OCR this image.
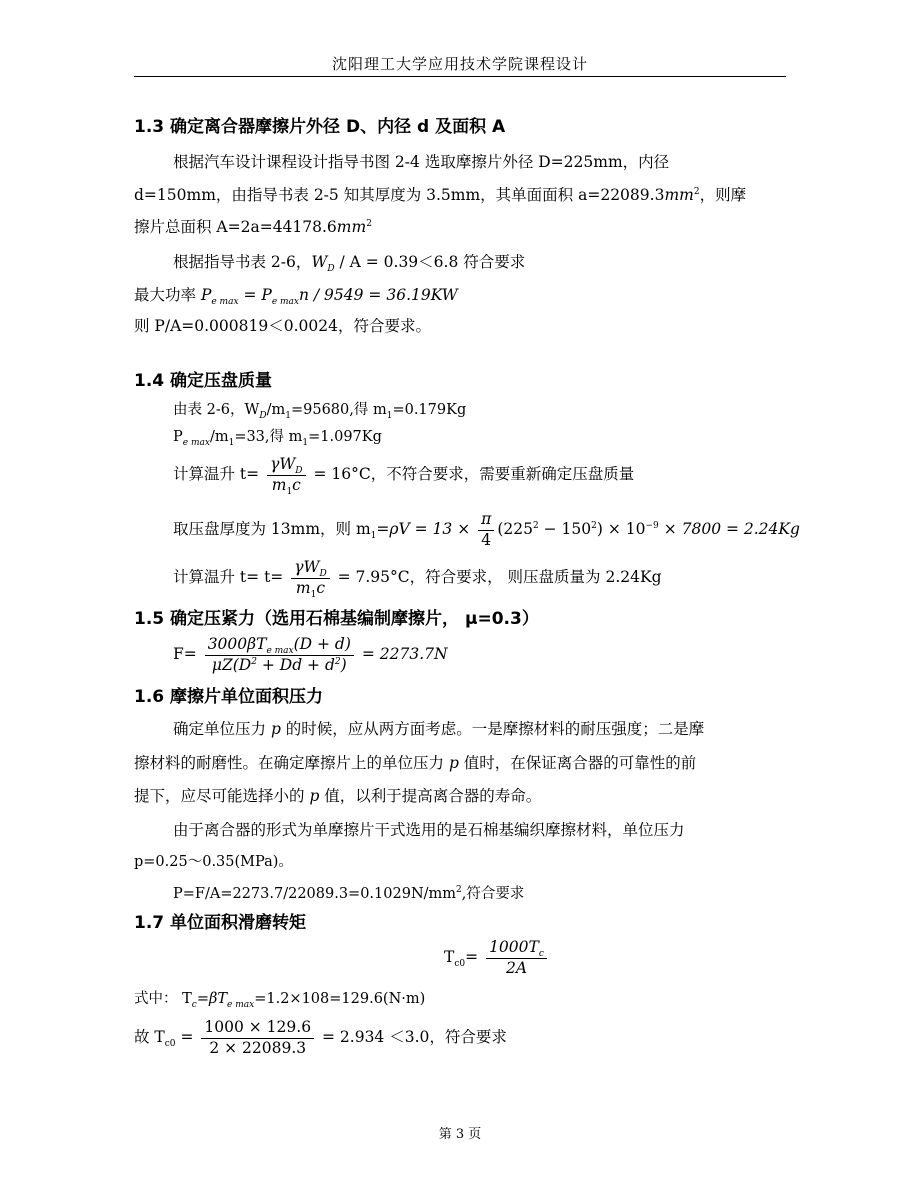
沈阳理工大学应用技术学院课程设计
1.3 确定离合器摩擦片外径 D、内径 d 及面积 A
根据汽车设计课程设计指导书图 2-4 选取摩擦片外径 D=225mm，内径
d=150mm，由指导书表 2-5 知其厚度为 3.5mm，其单面面积 $a=22089.3mm^2$，则摩
擦片总面积 $A=2a=44178.6mm^2$
根据指导书表 2-6，$W_D / A = 0.39<6.8$ 符合要求
最大功率 $P_{e max} = P_{e max}n / 9549 = 36.19KW$
则 P/A=0.000819＜0.0024，符合要求。
1.4 确定压盘质量
由表 2-6，$W_D/m_1=95680$,得 $m_1=0.179Kg$
$P_{e max}/m_1=33$,得 $m_1=1.097Kg$
计算温升 $t= \frac{\gamma W_D}{m_1c} = 16^\circ C$，不符合要求，需要重新确定压盘质量
取压盘厚度为 13mm，则 $m_1=\rho V = 13 \times \frac{\pi}{4} (225^2 - 150^2) \times 10^{-9} \times 7800 = 2.24Kg$
计算温升 $t= t= \frac{\gamma W_D}{m_1c} = 7.95^\circ C$，符合要求， 则压盘质量为 2.24Kg
1.5 确定压紧力（选用石棉基编制摩擦片， μ=0.3）
$F= \frac{3000\beta T_{e max}(D + d)}{\mu Z(D^2 + Dd + d^2)} = 2273.7N$
1.6 摩擦片单位面积压力
确定单位压力 p 的时候，应从两方面考虑。一是摩擦材料的耐压强度；二是摩
擦材料的耐磨性。在确定摩擦片上的单位压力 p 值时，在保证离合器的可靠性的前
提下，应尽可能选择小的 p 值，以利于提高离合器的寿命。
由于离合器的形式为单摩擦片干式选用的是石棉基编织摩擦材料，单位压力
p=0.25～0.35(MPa)。
$P=F/A=2273.7/22089.3=0.1029N/mm^2$,符合要求
1.7 单位面积滑磨转矩
$T_{c0}= \frac{1000T_c}{2A}$
式中： $T_c=\beta T_{e max}=1.2\times 108=129.6(N\cdot m)$
故 $T_{c0} = \frac{1000 \times 129.6}{2 \times 22089.3} = 2.934 <3.0$，符合要求
第 3 页
